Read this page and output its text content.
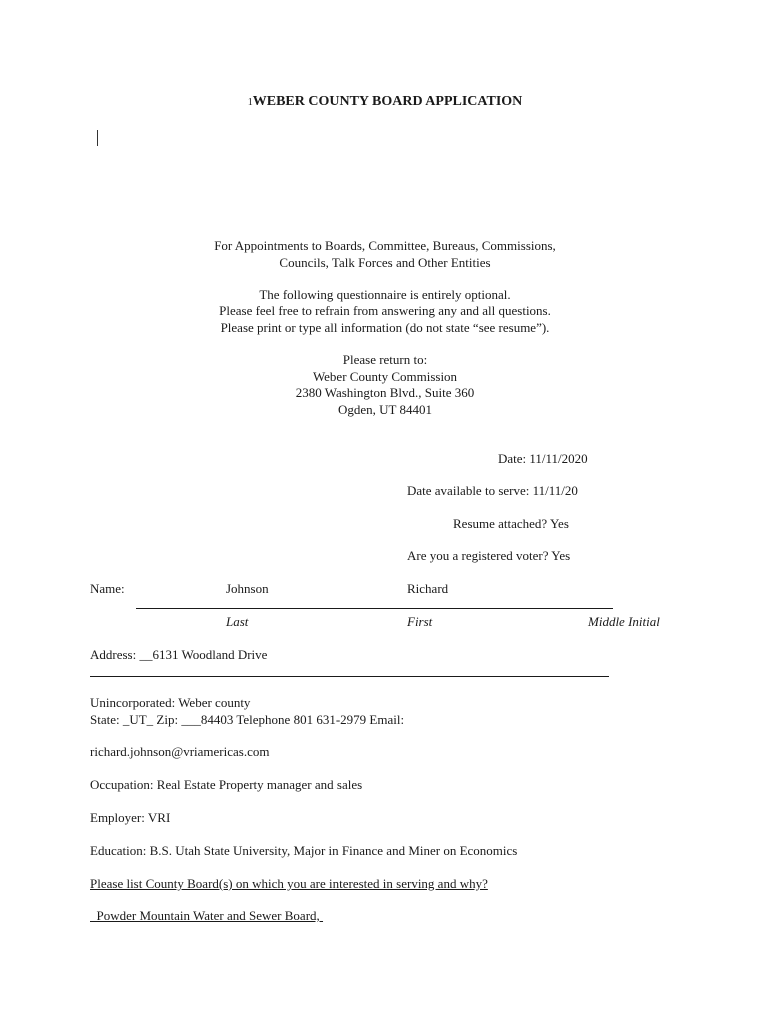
1WEBER COUNTY BOARD APPLICATION
For Appointments to Boards, Committee, Bureaus, Commissions,
Councils, Talk Forces and Other Entities
The following questionnaire is entirely optional.
Please feel free to refrain from answering any and all questions.
Please print or type all information (do not state “see resume”).
Please return to:
Weber County Commission
2380 Washington Blvd., Suite 360
Ogden, UT 84401
Date: 11/11/2020
Date available to serve: 11/11/20
Resume attached? Yes
Are you a registered voter? Yes
Name:	Johnson	Richard
Last	First	Middle Initial
Address: __6131 Woodland Drive
Unincorporated: Weber county
State: _UT_ Zip: ___84403 Telephone 801 631-2979 Email:
richard.johnson@vriamericas.com
Occupation: Real Estate Property manager and sales
Employer: VRI
Education: B.S. Utah State University, Major in Finance and Miner on Economics
Please list County Board(s) on which you are interested in serving and why?
Powder Mountain Water and Sewer Board,
